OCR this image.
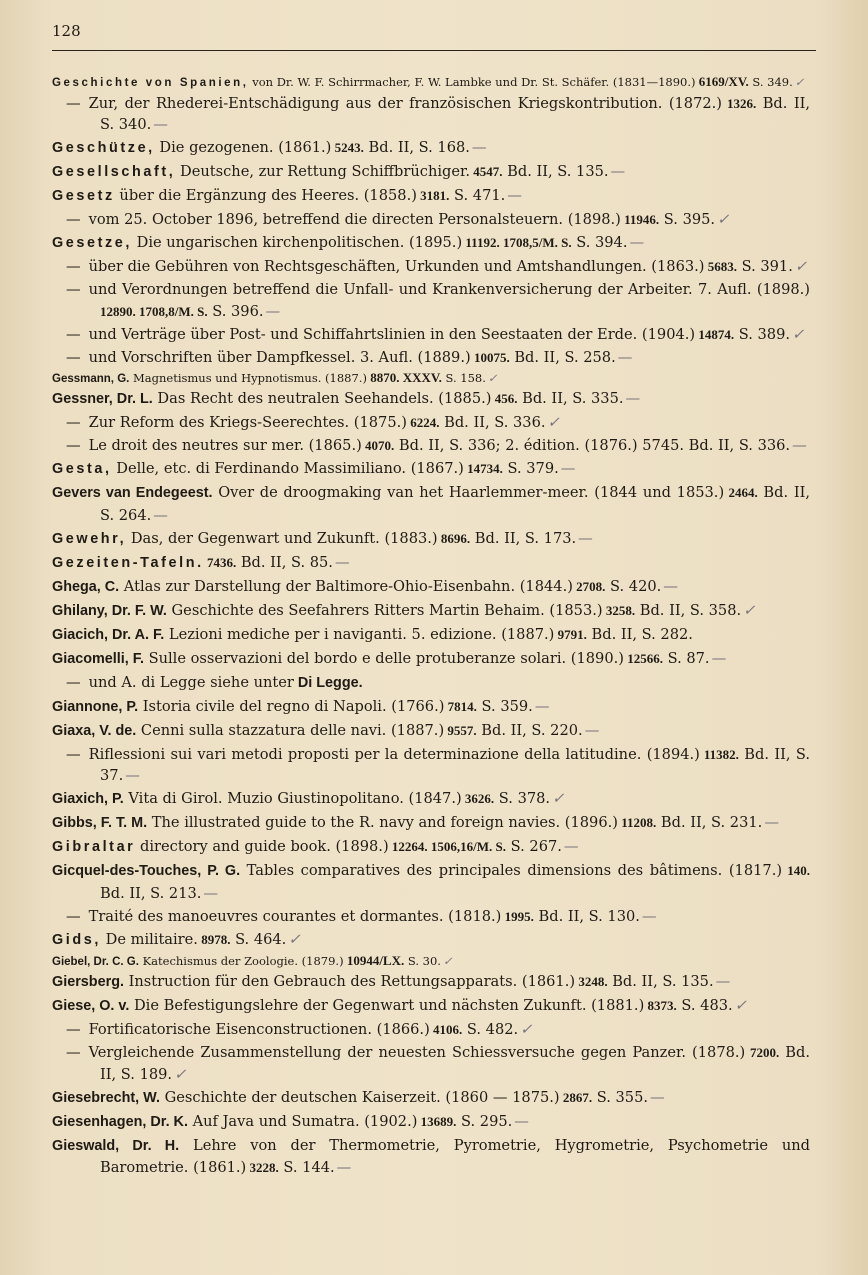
128
Geschichte von Spanien, von Dr. W. F. Schirrmacher, F. W. Lambke und Dr. St. Schäfer. (1831—1890.) 6169/XV. S. 349. ✓
— Zur, der Rhederei-Entschädigung aus der französischen Kriegskontribution. (1872.) 1326. Bd. II, S. 340. —
Geschütze, Die gezogenen. (1861.) 5243. Bd. II, S. 168. —
Gesellschaft, Deutsche, zur Rettung Schiffbrüchiger. 4547. Bd. II, S. 135. —
Gesetz über die Ergänzung des Heeres. (1858.) 3181. S. 471. —
— vom 25. October 1896, betreffend die directen Personalsteuern. (1898.) 11946. S. 395. ✓
Gesetze, Die ungarischen kirchenpolitischen. (1895.) 11192. 1708,5/M. S. S. 394. —
— über die Gebühren von Rechtsgeschäften, Urkunden und Amtshandlungen. (1863.) 5683. S. 391. ✓
— und Verordnungen betreffend die Unfall- und Krankenversicherung der Arbeiter. 7. Aufl. (1898.) 12890. 1708,8/M. S. S. 396. —
— und Verträge über Post- und Schiffahrtslinien in den Seestaaten der Erde. (1904.) 14874. S. 389. ✓
— und Vorschriften über Dampfkessel. 3. Aufl. (1889.) 10075. Bd. II, S. 258. —
Gessmann, G. Magnetismus und Hypnotismus. (1887.) 8870. XXXV. S. 158. ✓
Gessner, Dr. L. Das Recht des neutralen Seehandels. (1885.) 456. Bd. II, S. 335. —
— Zur Reform des Kriegs-Seerechtes. (1875.) 6224. Bd. II, S. 336. ✓
— Le droit des neutres sur mer. (1865.) 4070. Bd. II, S. 336; 2. édition. (1876.) 5745. Bd. II, S. 336. —
Gesta, Delle, etc. di Ferdinando Massimiliano. (1867.) 14734. S. 379. —
Gevers van Endegeest. Over de droogmaking van het Haarlemmer-meer. (1844 und 1853.) 2464. Bd. II, S. 264. —
Gewehr, Das, der Gegenwart und Zukunft. (1883.) 8696. Bd. II, S. 173. —
Gezeiten-Tafeln. 7436. Bd. II, S. 85. —
Ghega, C. Atlas zur Darstellung der Baltimore-Ohio-Eisenbahn. (1844.) 2708. S. 420. —
Ghilany, Dr. F. W. Geschichte des Seefahrers Ritters Martin Behaim. (1853.) 3258. Bd. II, S. 358. ✓
Giacich, Dr. A. F. Lezioni mediche per i naviganti. 5. edizione. (1887.) 9791. Bd. II, S. 282.
Giacomelli, F. Sulle osservazioni del bordo e delle protuberanze solari. (1890.) 12566. S. 87. —
— und A. di Legge siehe unter Di Legge.
Giannone, P. Istoria civile del regno di Napoli. (1766.) 7814. S. 359. —
Giaxa, V. de. Cenni sulla stazzatura delle navi. (1887.) 9557. Bd. II, S. 220. —
— Riflessioni sui vari metodi proposti per la determinazione della latitudine. (1894.) 11382. Bd. II, S. 37. —
Giaxich, P. Vita di Girol. Muzio Giustinopolitano. (1847.) 3626. S. 378. ✓
Gibbs, F. T. M. The illustrated guide to the R. navy and foreign navies. (1896.) 11208. Bd. II, S. 231. —
Gibraltar directory and guide book. (1898.) 12264. 1506,16/M. S. S. 267. —
Gicquel-des-Touches, P. G. Tables comparatives des principales dimensions des bâtimens. (1817.) 140. Bd. II, S. 213. —
— Traité des manoeuvres courantes et dormantes. (1818.) 1995. Bd. II, S. 130. —
Gids, De militaire. 8978. S. 464. ✓
Giebel, Dr. C. G. Katechismus der Zoologie. (1879.) 10944/LX. S. 30. ✓
Giersberg. Instruction für den Gebrauch des Rettungsapparats. (1861.) 3248. Bd. II, S. 135. —
Giese, O. v. Die Befestigungslehre der Gegenwart und nächsten Zukunft. (1881.) 8373. S. 483. ✓
— Fortificatorische Eisenconstructionen. (1866.) 4106. S. 482. ✓
— Vergleichende Zusammenstellung der neuesten Schiessversuche gegen Panzer. (1878.) 7200. Bd. II, S. 189. ✓
Giesebrecht, W. Geschichte der deutschen Kaiserzeit. (1860 — 1875.) 2867. S. 355. —
Giesenhagen, Dr. K. Auf Java und Sumatra. (1902.) 13689. S. 295. —
Gieswald, Dr. H. Lehre von der Thermometrie, Pyrometrie, Hygrometrie, Psychometrie und Barometrie. (1861.) 3228. S. 144. —
